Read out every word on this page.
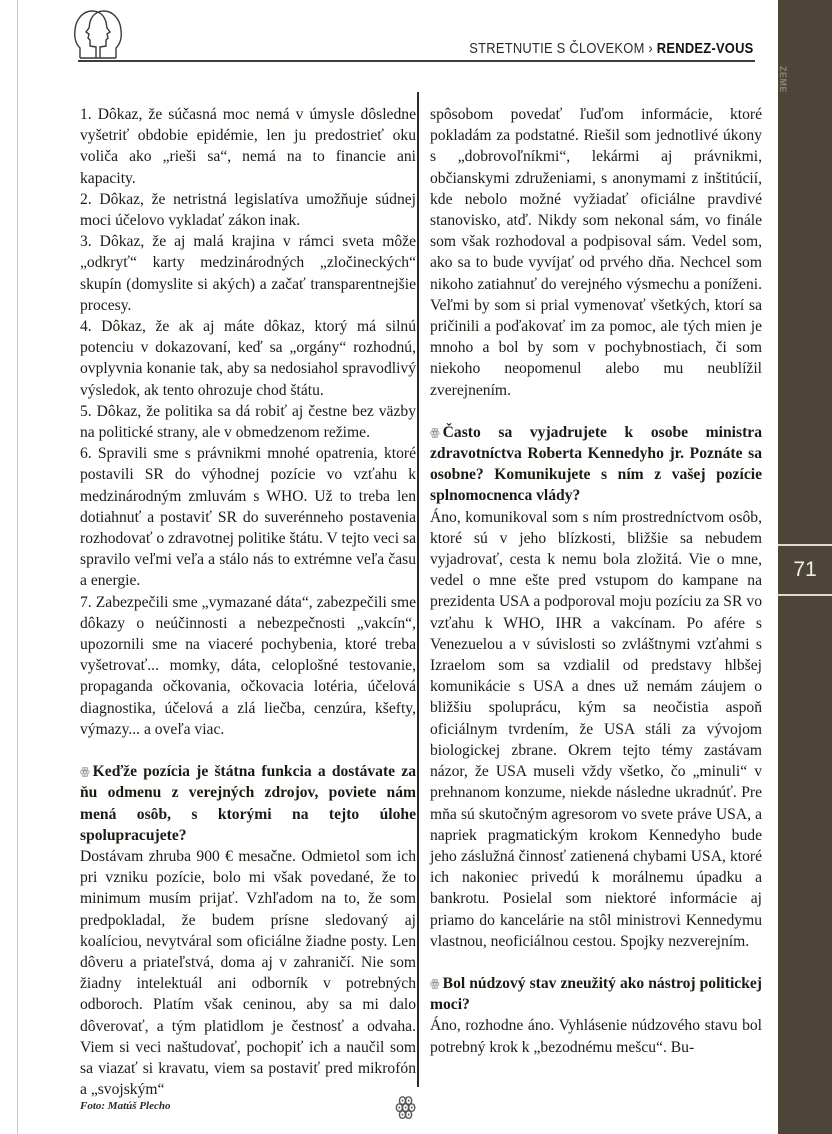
STRETNUTIE S ČLOVEKOM › RENDEZ-VOUS
ZEME
71

1. Dôkaz, že súčasná moc nemá v úmysle dôsledne vyšetriť obdobie epidémie, len ju predostrieť oku voliča ako „rieši sa“, nemá na to financie ani kapacity.

2. Dôkaz, že netristná legislatíva umožňuje súdnej moci účelovo vykladať zákon inak.

3. Dôkaz, že aj malá krajina v rámci sveta môže „odkryť“ karty medzinárodných „zločineckých“ skupín (domyslite si akých) a začať transparentnejšie procesy.

4. Dôkaz, že ak aj máte dôkaz, ktorý má silnú potenciu v dokazovaní, keď sa „orgány“ rozhodnú, ovplyvnia konanie tak, aby sa nedosiahol spravodlivý výsledok, ak tento ohrozuje chod štátu.

5. Dôkaz, že politika sa dá robiť aj čestne bez väzby na politické strany, ale v obmedzenom režime.

6. Spravili sme s právnikmi mnohé opatrenia, ktoré postavili SR do výhodnej pozície vo vzťahu k medzinárodným zmluvám s WHO. Už to treba len dotiahnuť a postaviť SR do suverénneho postavenia rozhodovať o zdravotnej politike štátu. V tejto veci sa spravilo veľmi veľa a stálo nás to extrémne veľa času a energie.

7. Zabezpečili sme „vymazané dáta“, zabezpečili sme dôkazy o neúčinnosti a nebezpečnosti „vakcín“, upozornili sme na viaceré pochybenia, ktoré treba vyšetrovať... momky, dáta, celoplošné testovanie, propaganda očkovania, očkovacia lotéria, účelová diagnostika, účelová a zlá liečba, cenzúra, kšefty, výmazy... a oveľa viac.

ꙮ Keďže pozícia je štátna funkcia a dostávate za ňu odmenu z verejných zdrojov, poviete nám mená osôb, s ktorými na tejto úlohe spolupracujete?

Dostávam zhruba 900 € mesačne. Odmietol som ich pri vzniku pozície, bolo mi však povedané, že to minimum musím prijať. Vzhľadom na to, že som predpokladal, že budem prísne sledovaný aj koalíciou, nevytváral som oficiálne žiadne posty. Len dôveru a priateľstvá, doma aj v zahraničí. Nie som žiadny intelektuál ani odborník v potrebných odboroch. Platím však ceninou, aby sa mi dalo dôverovať, a tým platidlom je čestnosť a odvaha. Viem si veci naštudovať, pochopiť ich a naučil som sa viazať si kravatu, viem sa postaviť pred mikrofón a „svojským“

spôsobom povedať ľuďom informácie, ktoré pokladám za podstatné. Riešil som jednotlivé úkony s „dobrovoľníkmi“, lekármi aj právnikmi, občianskymi združeniami, s anonymami z inštitúcií, kde nebolo možné vyžiadať oficiálne pravdivé stanovisko, atď. Nikdy som nekonal sám, vo finále som však rozhodoval a podpisoval sám. Vedel som, ako sa to bude vyvíjať od prvého dňa. Nechcel som nikoho zatiahnuť do verejného výsmechu a poníženi. Veľmi by som si prial vymenovať všetkých, ktorí sa pričinili a poďakovať im za pomoc, ale tých mien je mnoho a bol by som v pochybnostiach, či som niekoho neopomenul alebo mu neublížil zverejnením.

ꙮ Často sa vyjadrujete k osobe ministra zdravotníctva Roberta Kennedyho jr. Poznáte sa osobne? Komunikujete s ním z vašej pozície splnomocnenca vlády?

Áno, komunikoval som s ním prostredníctvom osôb, ktoré sú v jeho blízkosti, bližšie sa nebudem vyjadrovať, cesta k nemu bola zložitá. Vie o mne, vedel o mne ešte pred vstupom do kampane na prezidenta USA a podporoval moju pozíciu za SR vo vzťahu k WHO, IHR a vakcínam. Po afére s Venezuelou a v súvislosti so zvláštnymi vzťahmi s Izraelom som sa vzdialil od predstavy hlbšej komunikácie s USA a dnes už nemám záujem o bližšiu spoluprácu, kým sa neočistia aspoň oficiálnym tvrdením, že USA stáli za vývojom biologickej zbrane. Okrem tejto témy zastávam názor, že USA museli vždy všetko, čo „minuli“ v prehnanom konzume, niekde následne ukradnúť. Pre mňa sú skutočným agresorom vo svete práve USA, a napriek pragmatickým krokom Kennedyho bude jeho záslužná činnosť zatienená chybami USA, ktoré ich nakoniec privedú k morálnemu úpadku a bankrotu. Posielal som niektoré informácie aj priamo do kancelárie na stôl ministrovi Kennedymu vlastnou, neoficiálnou cestou. Spojky nezverejním.

ꙮ Bol núdzový stav zneužitý ako nástroj politickej moci?

Áno, rozhodne áno. Vyhlásenie núdzového stavu bol potrebný krok k „bezodnému mešcu“. Bu-

Foto: Matúš Plecho	ꙮ
